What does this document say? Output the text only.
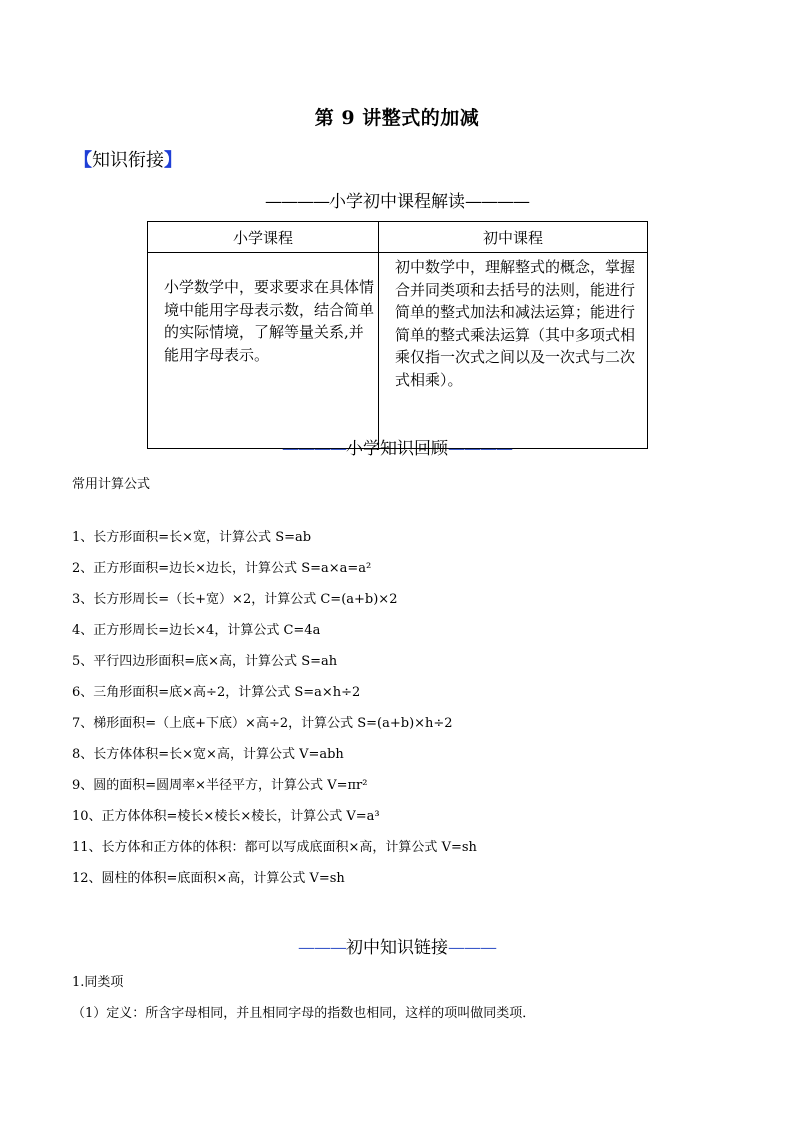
第 9 讲整式的加减
【知识衔接】
————小学初中课程解读————
小学课程	初中课程
小学数学中，要求要求在具体情境中能用字母表示数，结合简单的实际情境，了解等量关系,并能用字母表示。	初中数学中，理解整式的概念，掌握合并同类项和去括号的法则，能进行简单的整式加法和减法运算；能进行简单的整式乘法运算（其中多项式相乘仅指一次式之间以及一次式与二次式相乘）。
————小学知识回顾————
常用计算公式
1、长方形面积=长×宽，计算公式 S=ab
2、正方形面积=边长×边长，计算公式 S=a×a=a²
3、长方形周长=（长+宽）×2，计算公式 C=(a+b)×2
4、正方形周长=边长×4，计算公式 C=4a
5、平行四边形面积=底×高，计算公式 S=ah
6、三角形面积=底×高÷2，计算公式 S=a×h÷2
7、梯形面积=（上底+下底）×高÷2，计算公式 S=(a+b)×h÷2
8、长方体体积=长×宽×高，计算公式 V=abh
9、圆的面积=圆周率×半径平方，计算公式 V=πr²
10、正方体体积=棱长×棱长×棱长，计算公式 V=a³
11、长方体和正方体的体积：都可以写成底面积×高，计算公式 V=sh
12、圆柱的体积=底面积×高，计算公式 V=sh
———初中知识链接———
1.同类项
（1）定义：所含字母相同，并且相同字母的指数也相同，这样的项叫做同类项．
